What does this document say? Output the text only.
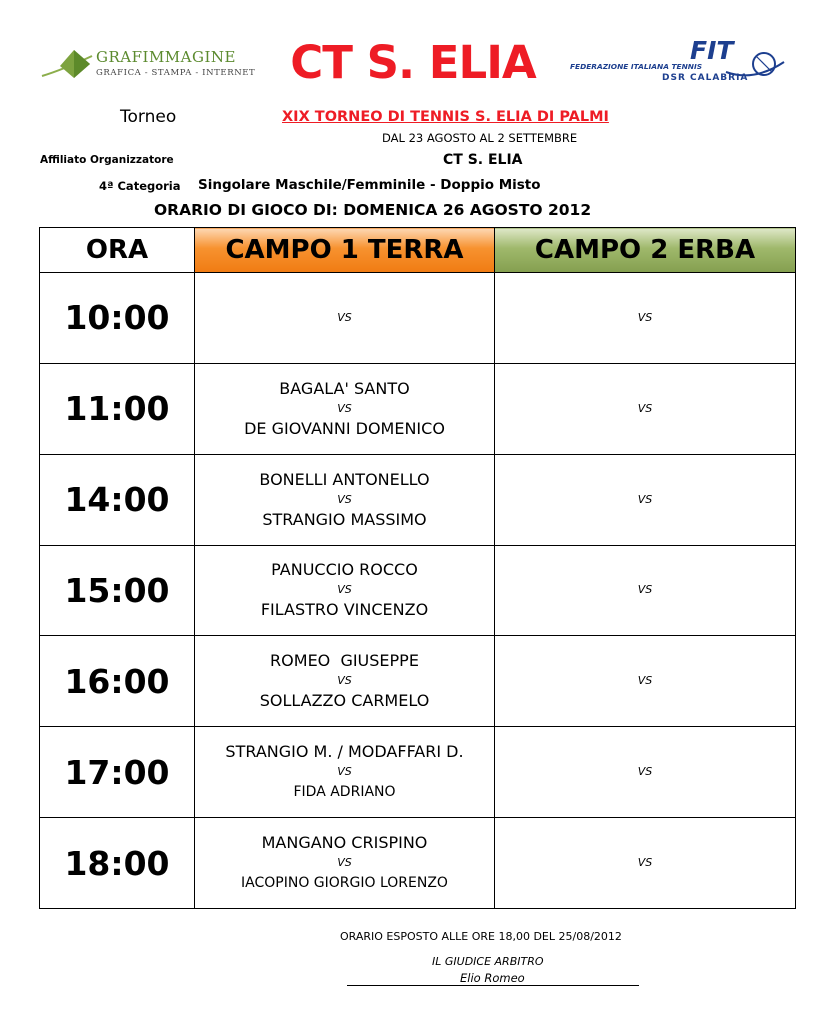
GRAFIMMAGINE
GRAFICA - STAMPA - INTERNET CT S. ELIA	FIT
FEDERAZIONE ITALIANA TENNIS
DSR CALABRIA
Torneo	XIX TORNEO DI TENNIS S. ELIA DI PALMI
DAL 23 AGOSTO AL 2 SETTEMBRE
Affiliato Organizzatore	CT S. ELIA
4ª Categoria Singolare Maschile/Femminile - Doppio Misto
ORARIO DI GIOCO DI: DOMENICA 26 AGOSTO 2012
ORA	CAMPO 1 TERRA	CAMPO 2 ERBA
10:00	VS	VS

11:00	BAGALA' SANTO
VS
DE GIOVANNI DOMENICO	VS

14:00	BONELLI ANTONELLO
VS
STRANGIO MASSIMO	VS

15:00	PANUCCIO ROCCO
VS
FILASTRO VINCENZO	VS

16:00	ROMEO  GIUSEPPE
VS
SOLLAZZO CARMELO	VS

17:00	STRANGIO M. / MODAFFARI D.
VS
FIDA ADRIANO	VS

18:00	MANGANO CRISPINO
VS
IACOPINO GIORGIO LORENZO	VS

ORARIO ESPOSTO ALLE ORE 18,00 DEL 25/08/2012
IL GIUDICE ARBITRO
Elio Romeo
